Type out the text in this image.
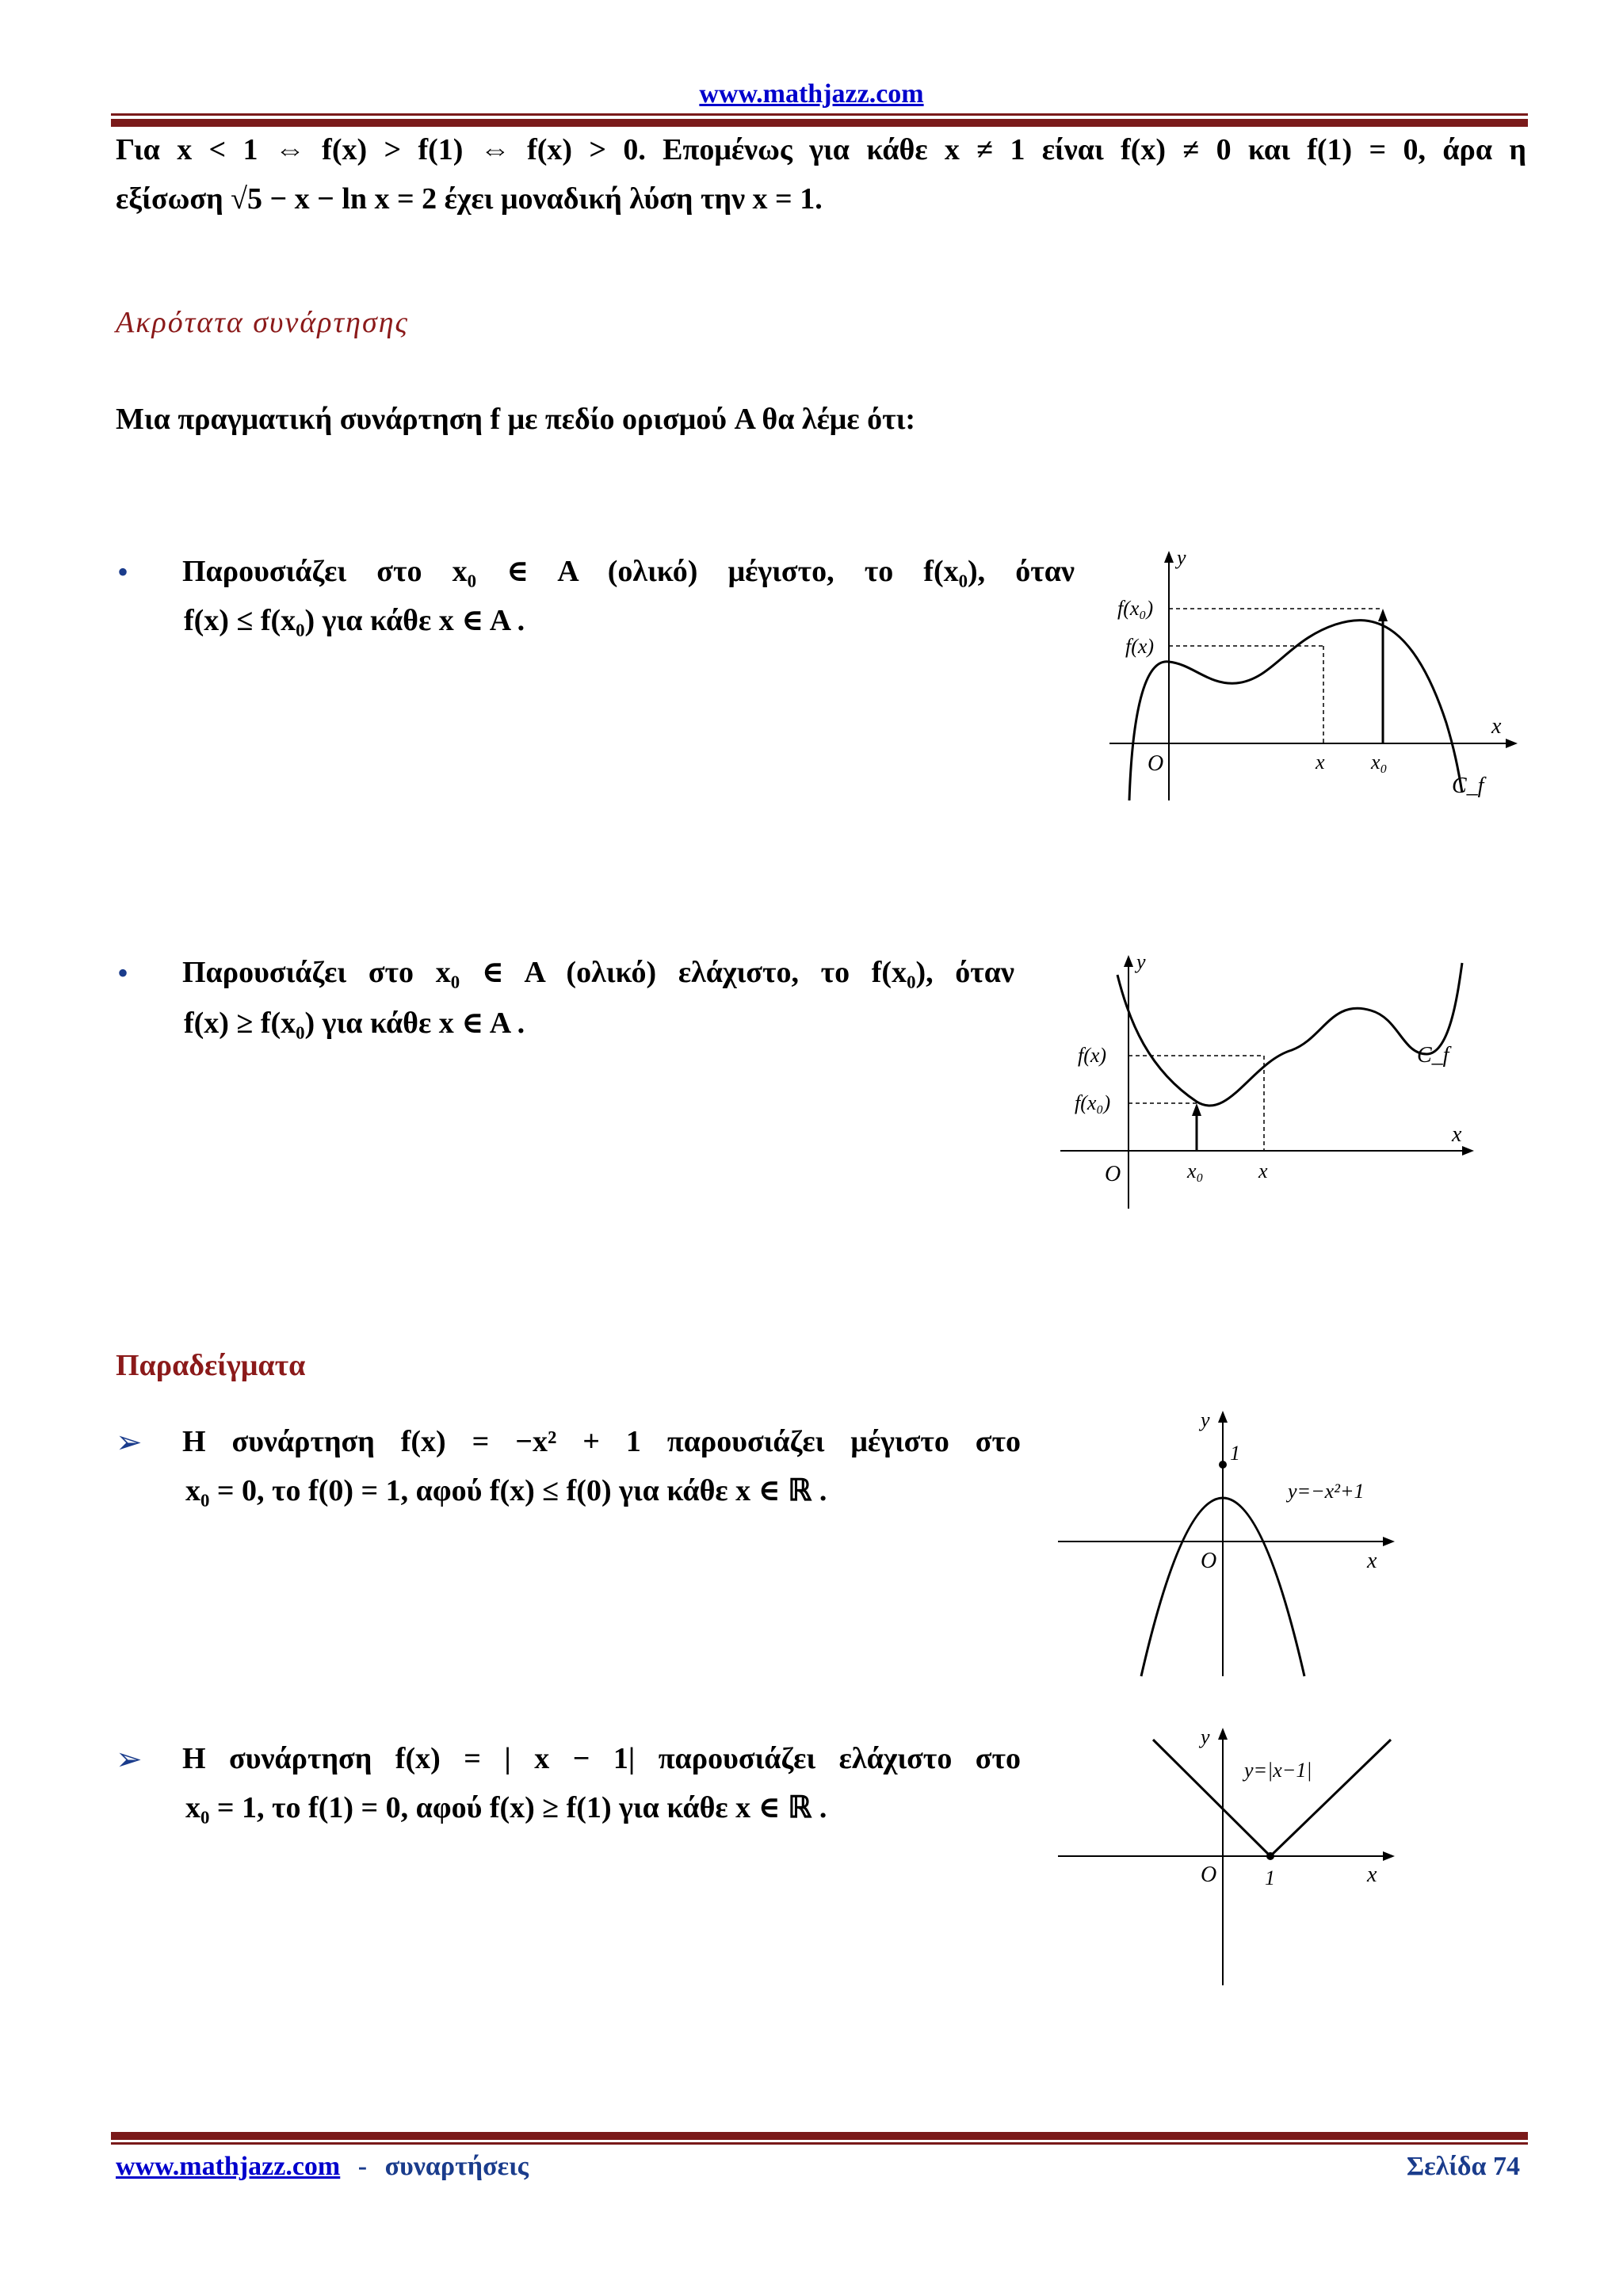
www.mathjazz.com
Για x < 1 ⇔ f(x) > f(1) ⇔ f(x) > 0. Επομένως για κάθε x ≠ 1 είναι f(x) ≠ 0 και f(1) = 0, άρα η
εξίσωση √5 − x − ln x = 2 έχει μοναδική λύση την x = 1.
Ακρότατα συνάρτησης
Μια πραγματική συνάρτηση f με πεδίο ορισμού A θα λέμε ότι:
• Παρουσιάζει στο x₀ ∈ A (ολικό) μέγιστο, το f(x₀), όταν
f(x) ≤ f(x₀) για κάθε x ∈ A .
y
f(x₀)
f(x)
x
O	x x₀
C_f
• Παρουσιάζει στο x₀ ∈ A (ολικό) ελάχιστο, το f(x₀), όταν
f(x) ≥ f(x₀) για κάθε x ∈ A .
y
f(x)
f(x₀)
x
O	x₀	x
C_f
Παραδείγματα
➢ Η συνάρτηση f(x) = −x² + 1 παρουσιάζει μέγιστο στο
x₀ = 0, το f(0) = 1, αφού f(x) ≤ f(0) για κάθε x ∈ ℝ .
y
1
y=−x²+1
O	x
➢ Η συνάρτηση f(x) = | x − 1| παρουσιάζει ελάχιστο στο
x₀ = 1, το f(1) = 0, αφού f(x) ≥ f(1) για κάθε x ∈ ℝ .
y
y=|x−1|
O 1	x
www.mathjazz.com - συναρτήσεις	Σελίδα 74
